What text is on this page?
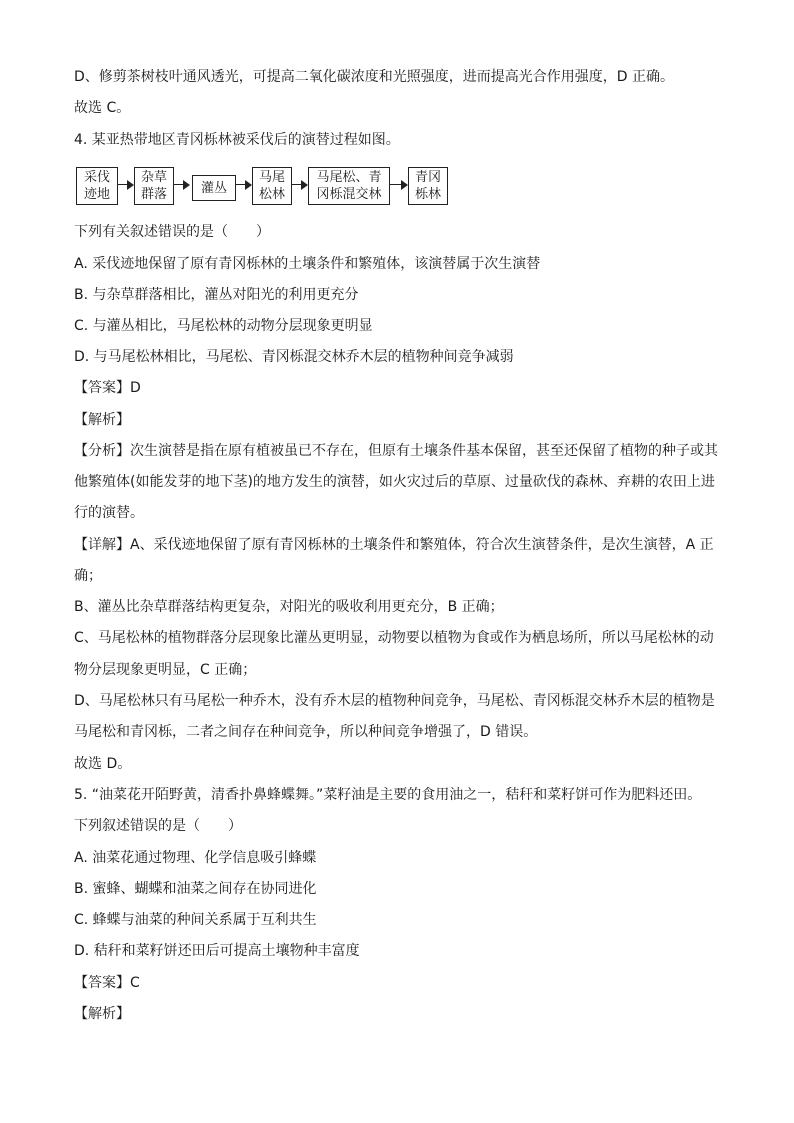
D、修剪茶树枝叶通风透光，可提高二氧化碳浓度和光照强度，进而提高光合作用强度，D 正确。
故选 C。
4. 某亚热带地区青冈栎林被采伐后的演替过程如图。
采伐
迹地
杂草
群落	灌丛
马尾
松林
马尾松、青
冈栎混交林
青冈
栎林
下列有关叙述错误的是（　　）
A. 采伐迹地保留了原有青冈栎林的土壤条件和繁殖体，该演替属于次生演替
B. 与杂草群落相比，灌丛对阳光的利用更充分
C. 与灌丛相比，马尾松林的动物分层现象更明显
D. 与马尾松林相比，马尾松、青冈栎混交林乔木层的植物种间竞争减弱
【答案】D
【解析】
【分析】次生演替是指在原有植被虽已不存在，但原有土壤条件基本保留，甚至还保留了植物的种子或其
他繁殖体(如能发芽的地下茎)的地方发生的演替，如火灾过后的草原、过量砍伐的森林、弃耕的农田上进
行的演替。
【详解】A、采伐迹地保留了原有青冈栎林的土壤条件和繁殖体，符合次生演替条件，是次生演替，A 正
确；
B、灌丛比杂草群落结构更复杂，对阳光的吸收利用更充分，B 正确；
C、马尾松林的植物群落分层现象比灌丛更明显，动物要以植物为食或作为栖息场所，所以马尾松林的动
物分层现象更明显，C 正确；
D、马尾松林只有马尾松一种乔木，没有乔木层的植物种间竞争，马尾松、青冈栎混交林乔木层的植物是
马尾松和青冈栎，二者之间存在种间竞争，所以种间竞争增强了，D 错误。
故选 D。
5. “油菜花开陌野黄，清香扑鼻蜂蝶舞。”菜籽油是主要的食用油之一，秸秆和菜籽饼可作为肥料还田。
下列叙述错误的是（　　）
A. 油菜花通过物理、化学信息吸引蜂蝶
B. 蜜蜂、蝴蝶和油菜之间存在协同进化
C. 蜂蝶与油菜的种间关系属于互利共生
D. 秸秆和菜籽饼还田后可提高土壤物种丰富度
【答案】C
【解析】
